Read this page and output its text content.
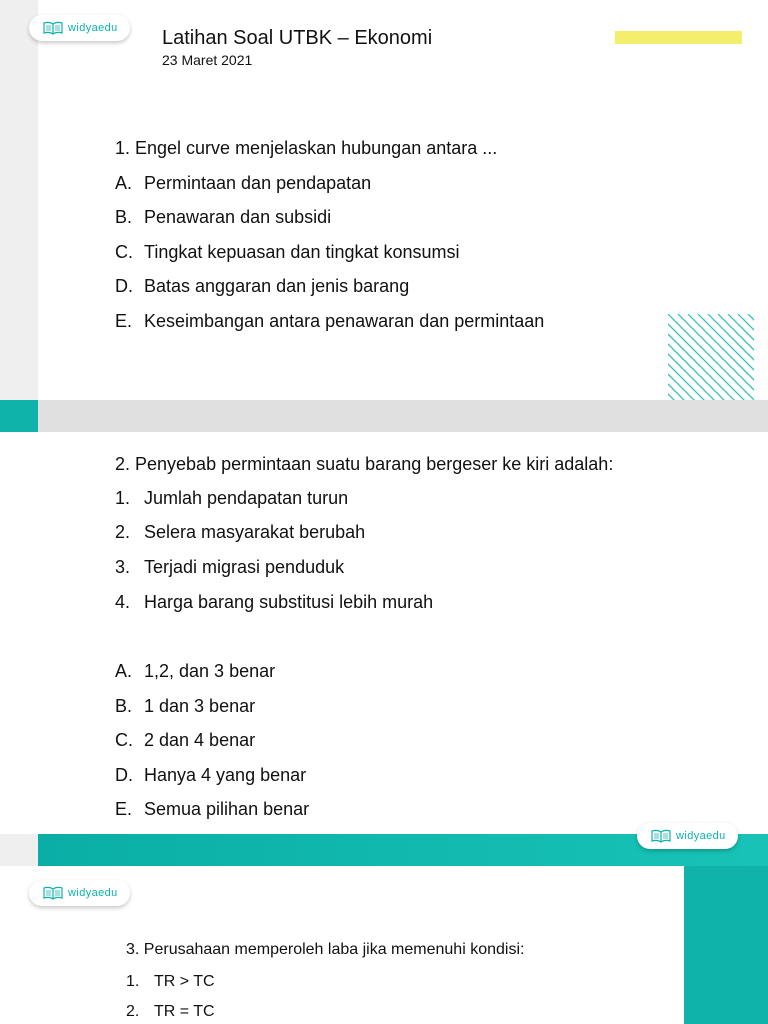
widyaedu Latihan Soal UTBK – Ekonomi
23 Maret 2021
1. Engel curve menjelaskan hubungan antara ...
A. Permintaan dan pendapatan
B. Penawaran dan subsidi
C. Tingkat kepuasan dan tingkat konsumsi
D. Batas anggaran dan jenis barang
E. Keseimbangan antara penawaran dan permintaan
2. Penyebab permintaan suatu barang bergeser ke kiri adalah:
1. Jumlah pendapatan turun
2. Selera masyarakat berubah
3. Terjadi migrasi penduduk
4. Harga barang substitusi lebih murah
A. 1,2, dan 3 benar
B. 1 dan 3 benar
C. 2 dan 4 benar
D. Hanya 4 yang benar
E. Semua pilihan benar
widyaedu
widyaedu
3. Perusahaan memperoleh laba jika memenuhi kondisi:
1. TR > TC
2. TR = TC
